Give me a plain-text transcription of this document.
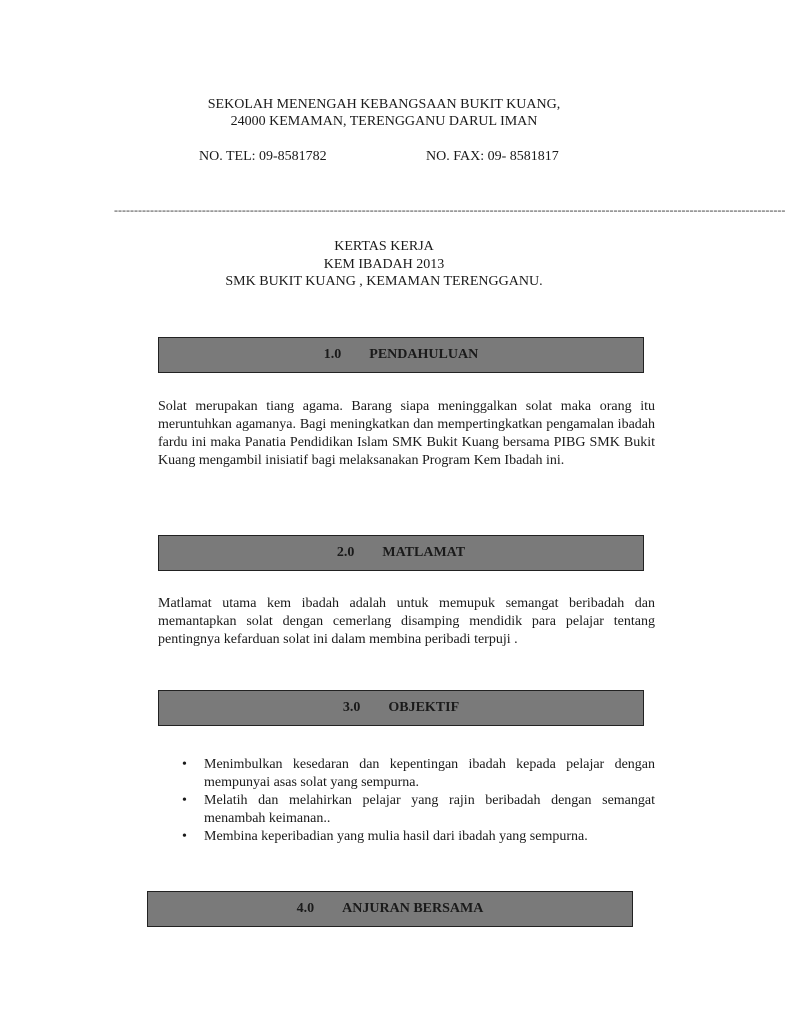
SEKOLAH MENENGAH KEBANGSAAN BUKIT KUANG,
24000 KEMAMAN, TERENGGANU DARUL IMAN
NO. TEL: 09-8581782	NO. FAX: 09- 8581817
------------------------------------------------------------------------------------------------------------------------------------------------------------------------
KERTAS KERJA
KEM IBADAH 2013
SMK BUKIT KUANG , KEMAMAN TERENGGANU.
1.0 PENDAHULUAN
Solat merupakan tiang agama. Barang siapa meninggalkan solat maka orang itu meruntuhkan agamanya. Bagi meningkatkan dan mempertingkatkan pengamalan ibadah fardu ini maka Panatia Pendidikan Islam SMK Bukit Kuang bersama PIBG SMK Bukit Kuang mengambil inisiatif bagi melaksanakan Program Kem Ibadah ini.
2.0 MATLAMAT
Matlamat utama kem ibadah adalah untuk memupuk semangat beribadah dan memantapkan solat dengan cemerlang disamping mendidik para pelajar tentang pentingnya kefarduan solat ini dalam membina peribadi terpuji .
3.0 OBJEKTIF
• Menimbulkan kesedaran dan kepentingan ibadah kepada pelajar dengan mempunyai asas solat yang sempurna.
• Melatih dan melahirkan pelajar yang rajin beribadah dengan semangat menambah keimanan..
• Membina keperibadian yang mulia hasil dari ibadah yang sempurna.
4.0 ANJURAN BERSAMA
